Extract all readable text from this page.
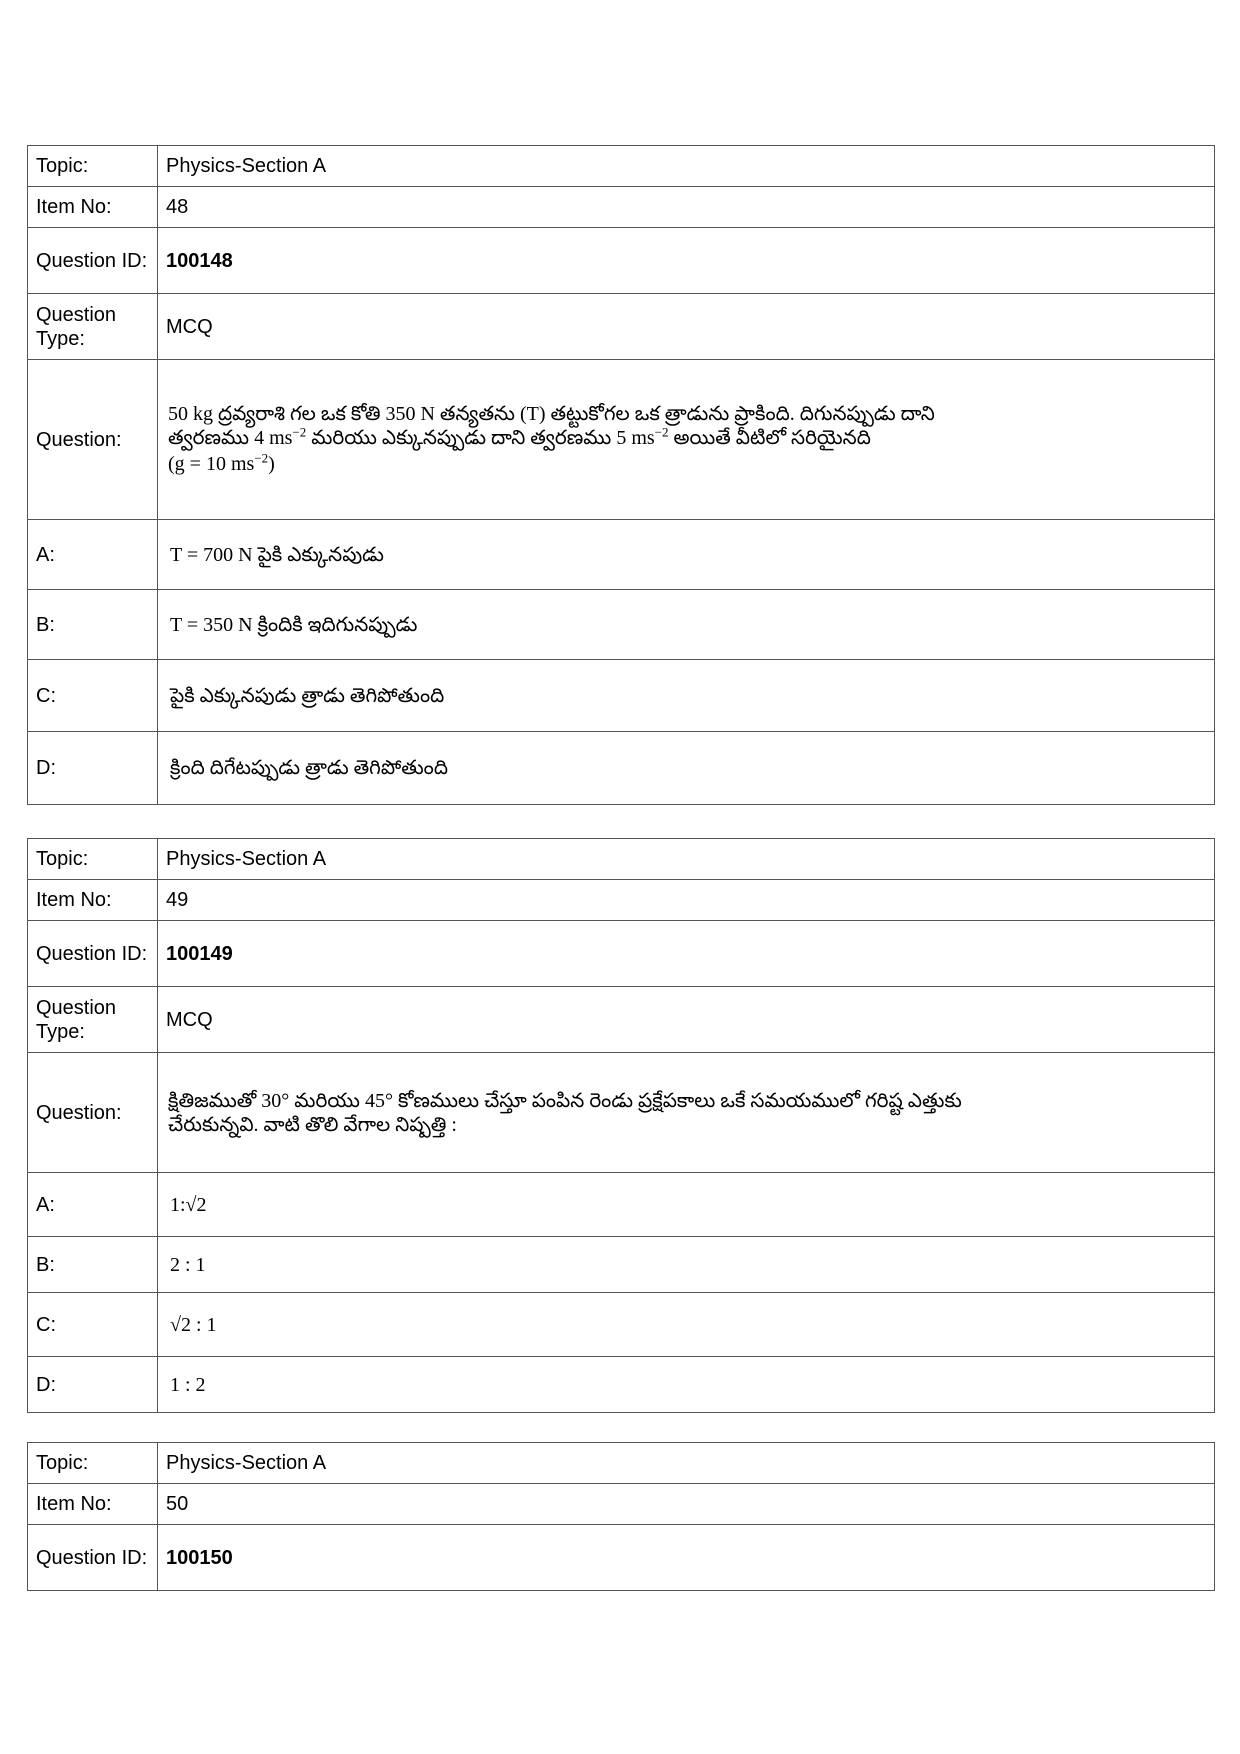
Topic:	Physics-Section A
Item No:	48
Question ID:	100148
Question Type:	MCQ
Question:	50 kg ద్రవ్యరాశి గల ఒక కోతి 350 N తన్యతను (T) తట్టుకోగల ఒక త్రాడును ప్రాకింది. దిగునప్పుడు దాని
త్వరణము 4 $ms^{-2}$ మరియు ఎక్కునప్పుడు దాని త్వరణము 5 $ms^{-2}$ అయితే వీటిలో సరియైనది
(g = 10 $ms^{-2}$)

A:	T = 700 N పైకి ఎక్కునపుడు
B:	T = 350 N క్రిందికి ఇదిగునప్పుడు
C:	పైకి ఎక్కునపుడు త్రాడు తెగిపోతుంది
D:	క్రింది దిగేటప్పుడు త్రాడు తెగిపోతుంది
Topic:	Physics-Section A
Item No:	49
Question ID:	100149
Question Type:	MCQ
Question:	క్షితిజముతో 30° మరియు 45° కోణములు చేస్తూ పంపిన రెండు ప్రక్షేపకాలు ఒకే సమయములో గరిష్ట ఎత్తుకు
చేరుకున్నవి. వాటి తొలి వేగాల నిష్పత్తి :

A:	1:√2
B:	2 : 1
C:	√2 : 1
D:	1 : 2
Topic:	Physics-Section A
Item No:	50
Question ID:	100150
